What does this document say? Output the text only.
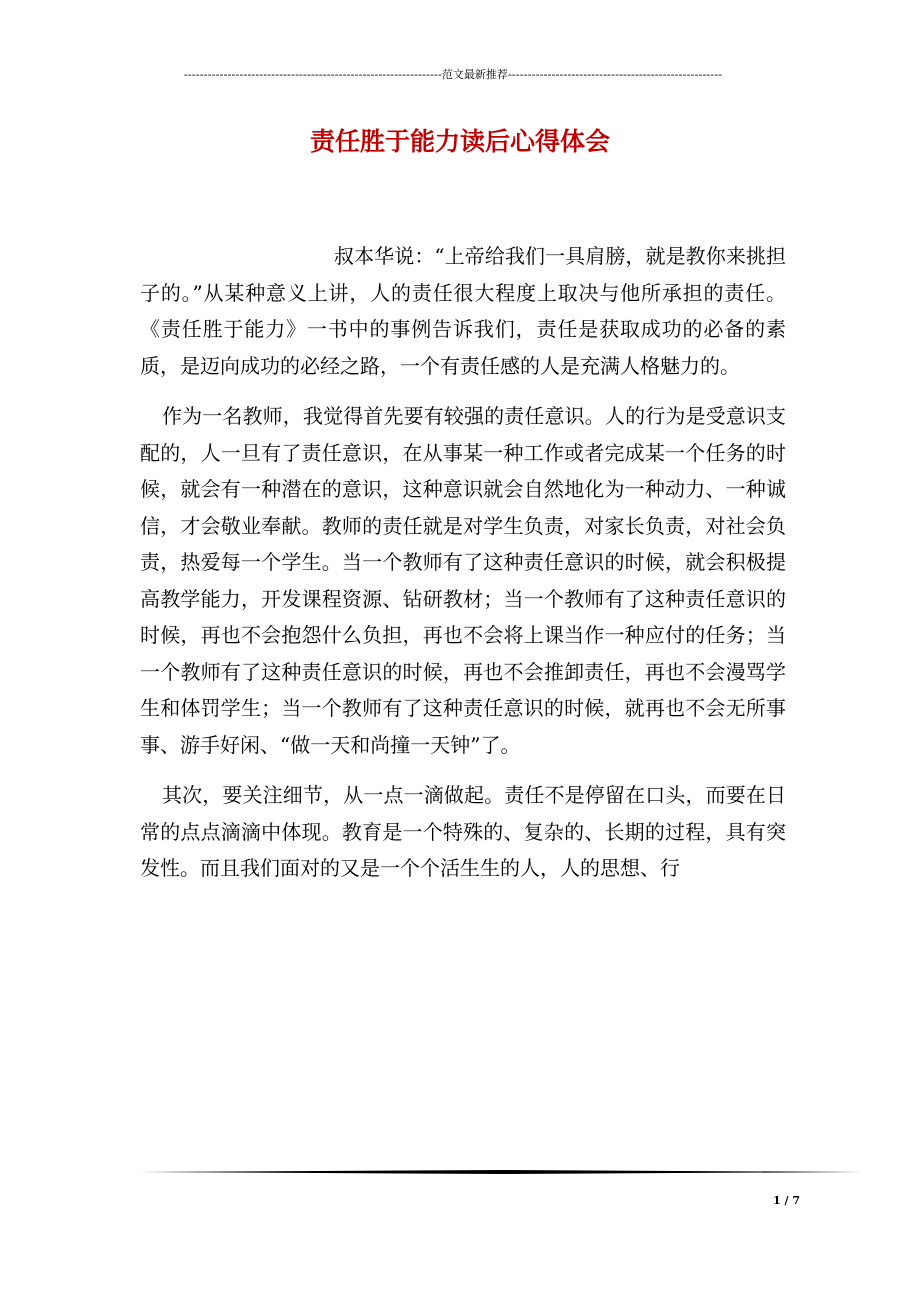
-----------------------------------------------------------------范文最新推荐------------------------------------------------------
责任胜于能力读后心得体会

叔本华说：“上帝给我们一具肩膀，就是教你来挑担子的。”从某种意义上讲，人的责任很大程度上取决与他所承担的责任。《责任胜于能力》一书中的事例告诉我们，责任是获取成功的必备的素质，是迈向成功的必经之路，一个有责任感的人是充满人格魅力的。

作为一名教师，我觉得首先要有较强的责任意识。人的行为是受意识支配的，人一旦有了责任意识，在从事某一种工作或者完成某一个任务的时候，就会有一种潜在的意识，这种意识就会自然地化为一种动力、一种诚信，才会敬业奉献。教师的责任就是对学生负责，对家长负责，对社会负责，热爱每一个学生。当一个教师有了这种责任意识的时候，就会积极提高教学能力，开发课程资源、钻研教材；当一个教师有了这种责任意识的时候，再也不会抱怨什么负担，再也不会将上课当作一种应付的任务；当一个教师有了这种责任意识的时候，再也不会推卸责任，再也不会漫骂学生和体罚学生；当一个教师有了这种责任意识的时候，就再也不会无所事事、游手好闲、“做一天和尚撞一天钟”了。

其次，要关注细节，从一点一滴做起。责任不是停留在口头，而要在日常的点点滴滴中体现。教育是一个特殊的、复杂的、长期的过程，具有突发性。而且我们面对的又是一个个活生生的人，人的思想、行

1 / 7
